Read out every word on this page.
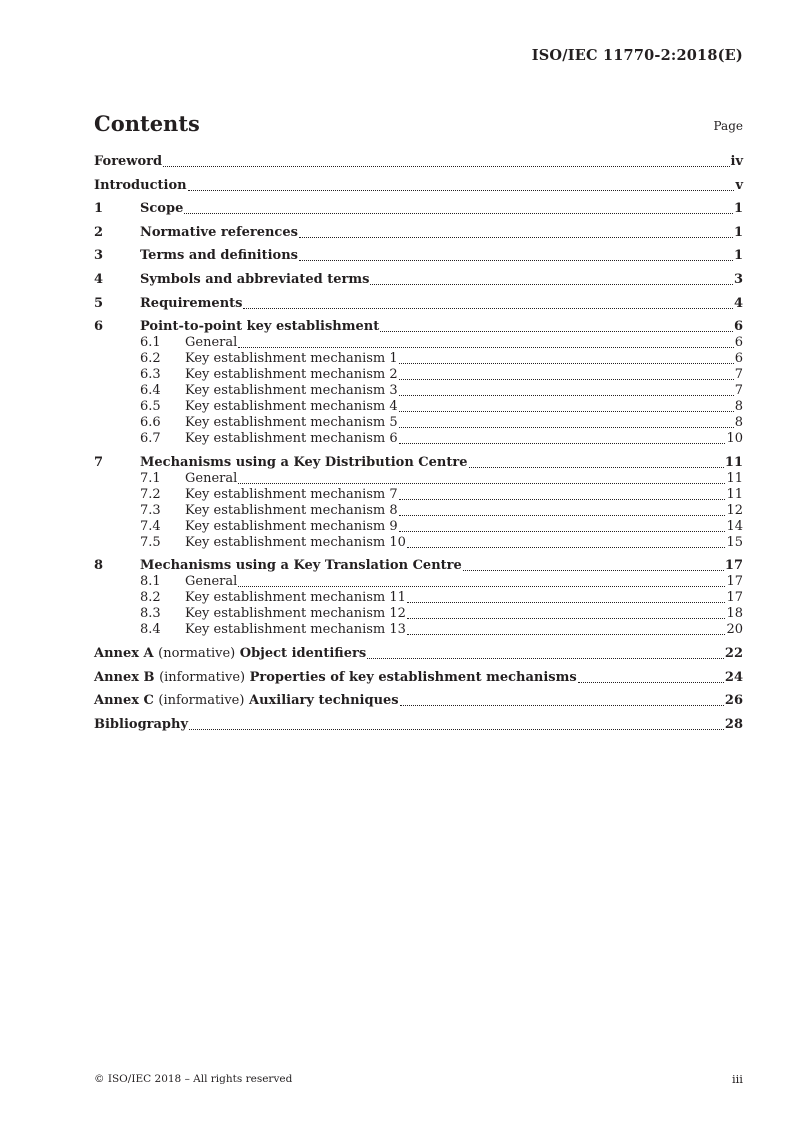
ISO/IEC 11770-2:2018(E)
Contents	Page
Foreword	iv
Introduction	v
1	Scope	1
2	Normative references	1
3	Terms and definitions	1
4	Symbols and abbreviated terms	3
5	Requirements	4
6	Point-to-point key establishment	6
6.1	General	6
6.2	Key establishment mechanism 1	6
6.3	Key establishment mechanism 2	7
6.4	Key establishment mechanism 3	7
6.5	Key establishment mechanism 4	8
6.6	Key establishment mechanism 5	8
6.7	Key establishment mechanism 6	10
7	Mechanisms using a Key Distribution Centre	11
7.1	General	11
7.2	Key establishment mechanism 7	11
7.3	Key establishment mechanism 8	12
7.4	Key establishment mechanism 9	14
7.5	Key establishment mechanism 10	15
8	Mechanisms using a Key Translation Centre	17
8.1	General	17
8.2	Key establishment mechanism 11	17
8.3	Key establishment mechanism 12	18
8.4	Key establishment mechanism 13	20
Annex A (normative) Object identifiers	22
Annex B (informative) Properties of key establishment mechanisms	24
Annex C (informative) Auxiliary techniques	26
Bibliography	28
© ISO/IEC 2018 – All rights reserved	iii
